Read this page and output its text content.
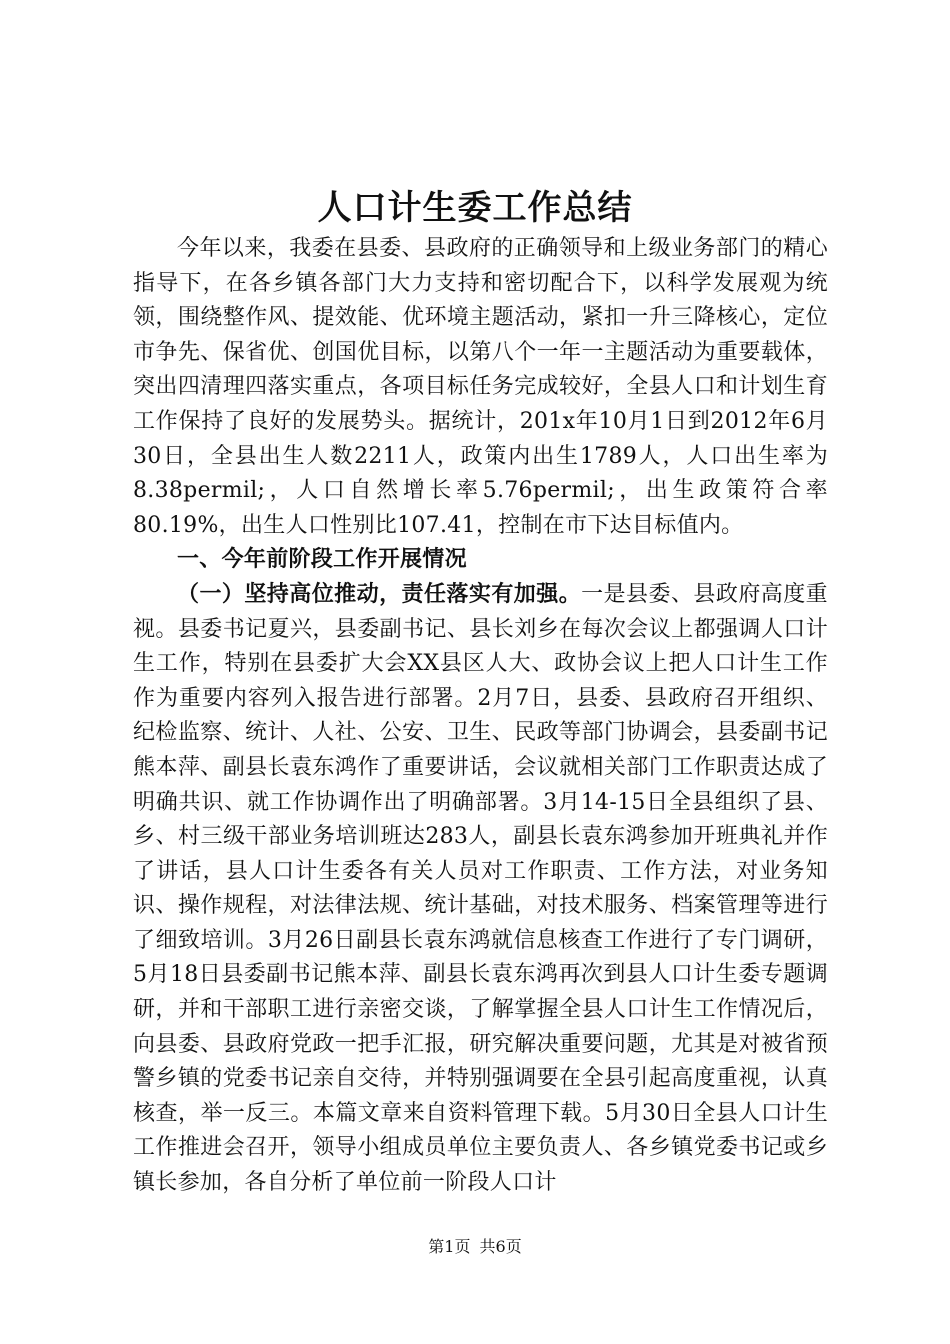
人口计生委工作总结

今年以来，我委在县委、县政府的正确领导和上级业务部门的精心指导下，在各乡镇各部门大力支持和密切配合下，以科学发展观为统领，围绕整作风、提效能、优环境主题活动，紧扣一升三降核心，定位市争先、保省优、创国优目标，以第八个一年一主题活动为重要载体，突出四清理四落实重点，各项目标任务完成较好，全县人口和计划生育工作保持了良好的发展势头。据统计，201x年10月1日到2012年6月30日，全县出生人数2211人，政策内出生1789人，人口出生率为8.38permil;，人口自然增长率5.76permil;，出生政策符合率80.19%，出生人口性别比107.41，控制在市下达目标值内。

一、今年前阶段工作开展情况

（一）坚持高位推动，责任落实有加强。一是县委、县政府高度重视。县委书记夏兴，县委副书记、县长刘乡在每次会议上都强调人口计生工作，特别在县委扩大会XX县区人大、政协会议上把人口计生工作作为重要内容列入报告进行部署。2月7日，县委、县政府召开组织、纪检监察、统计、人社、公安、卫生、民政等部门协调会，县委副书记熊本萍、副县长袁东鸿作了重要讲话，会议就相关部门工作职责达成了明确共识、就工作协调作出了明确部署。3月14-15日全县组织了县、乡、村三级干部业务培训班达283人，副县长袁东鸿参加开班典礼并作了讲话，县人口计生委各有关人员对工作职责、工作方法，对业务知识、操作规程，对法律法规、统计基础，对技术服务、档案管理等进行了细致培训。3月26日副县长袁东鸿就信息核查工作进行了专门调研，5月18日县委副书记熊本萍、副县长袁东鸿再次到县人口计生委专题调研，并和干部职工进行亲密交谈，了解掌握全县人口计生工作情况后，向县委、县政府党政一把手汇报，研究解决重要问题，尤其是对被省预警乡镇的党委书记亲自交待，并特别强调要在全县引起高度重视，认真核查，举一反三。本篇文章来自资料管理下载。5月30日全县人口计生工作推进会召开，领导小组成员单位主要负责人、各乡镇党委书记或乡镇长参加，各自分析了单位前一阶段人口计

第1页 共6页
